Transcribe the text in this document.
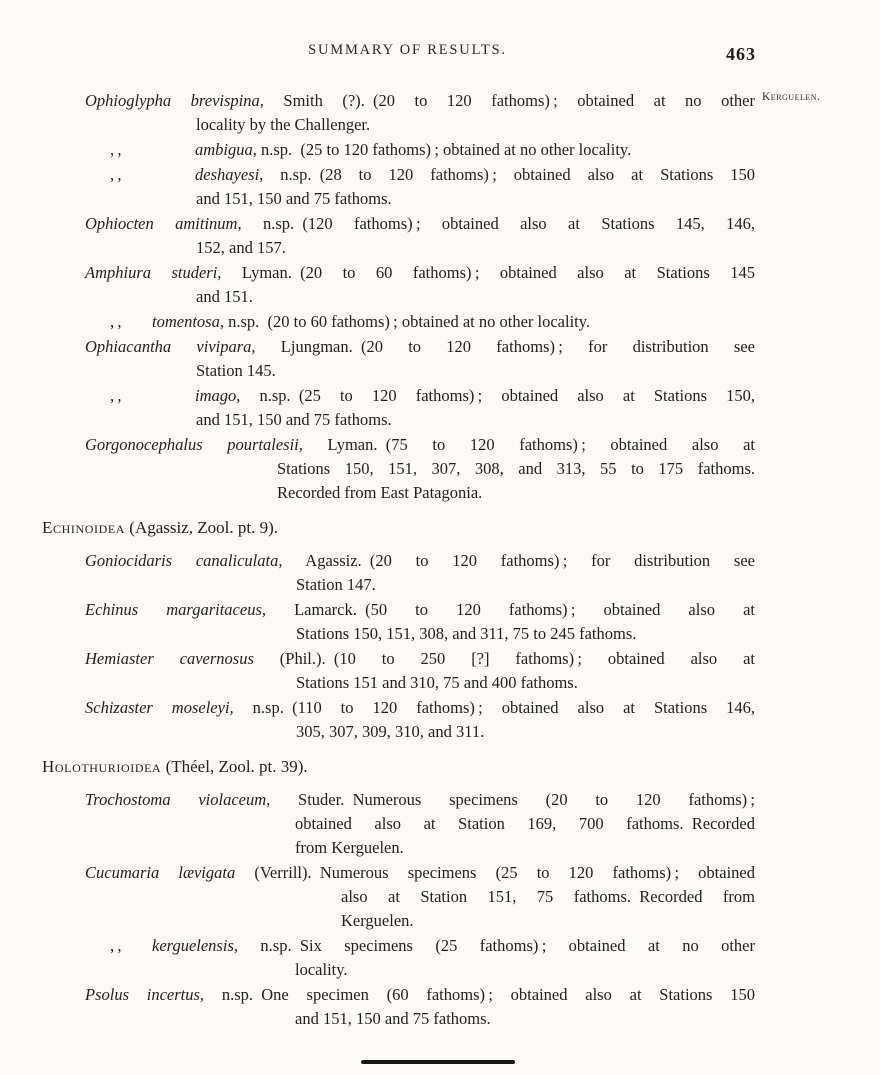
SUMMARY OF RESULTS.	463
Kerguelen.
Ophioglypha brevispina, Smith (?). (20 to 120 fathoms) ; obtained at no other
locality by the Challenger.
, ,	ambigua, n.sp. (25 to 120 fathoms) ; obtained at no other locality.
, ,	deshayesi, n.sp. (28 to 120 fathoms) ; obtained also at Stations 150
and 151, 150 and 75 fathoms.
Ophiocten amitinum, n.sp. (120 fathoms) ; obtained also at Stations 145, 146,
152, and 157.
Amphiura studeri, Lyman. (20 to 60 fathoms) ; obtained also at Stations 145
and 151.
, , tomentosa, n.sp. (20 to 60 fathoms) ; obtained at no other locality.
Ophiacantha vivipara, Ljungman. (20 to 120 fathoms) ; for distribution see
Station 145.
, ,	imago, n.sp. (25 to 120 fathoms) ; obtained also at Stations 150,
and 151, 150 and 75 fathoms.
Gorgonocephalus pourtalesii, Lyman. (75 to 120 fathoms) ; obtained also at
Stations 150, 151, 307, 308, and 313, 55 to 175 fathoms.
Recorded from East Patagonia.
Echinoidea (Agassiz, Zool. pt. 9).
Goniocidaris canaliculata, Agassiz. (20 to 120 fathoms) ; for distribution see
Station 147.
Echinus margaritaceus, Lamarck. (50 to 120 fathoms) ; obtained also at
Stations 150, 151, 308, and 311, 75 to 245 fathoms.
Hemiaster cavernosus (Phil.). (10 to 250 [?] fathoms) ; obtained also at
Stations 151 and 310, 75 and 400 fathoms.
Schizaster moseleyi, n.sp. (110 to 120 fathoms) ; obtained also at Stations 146,
305, 307, 309, 310, and 311.
Holothurioidea (Théel, Zool. pt. 39).
Trochostoma violaceum, Studer. Numerous specimens (20 to 120 fathoms) ;
obtained also at Station 169, 700 fathoms. Recorded
from Kerguelen.
Cucumaria lævigata (Verrill). Numerous specimens (25 to 120 fathoms) ; obtained
also at Station 151, 75 fathoms. Recorded from
Kerguelen.
, , kerguelensis, n.sp. Six specimens (25 fathoms) ; obtained at no other
locality.
Psolus incertus, n.sp. One specimen (60 fathoms) ; obtained also at Stations 150
and 151, 150 and 75 fathoms.
